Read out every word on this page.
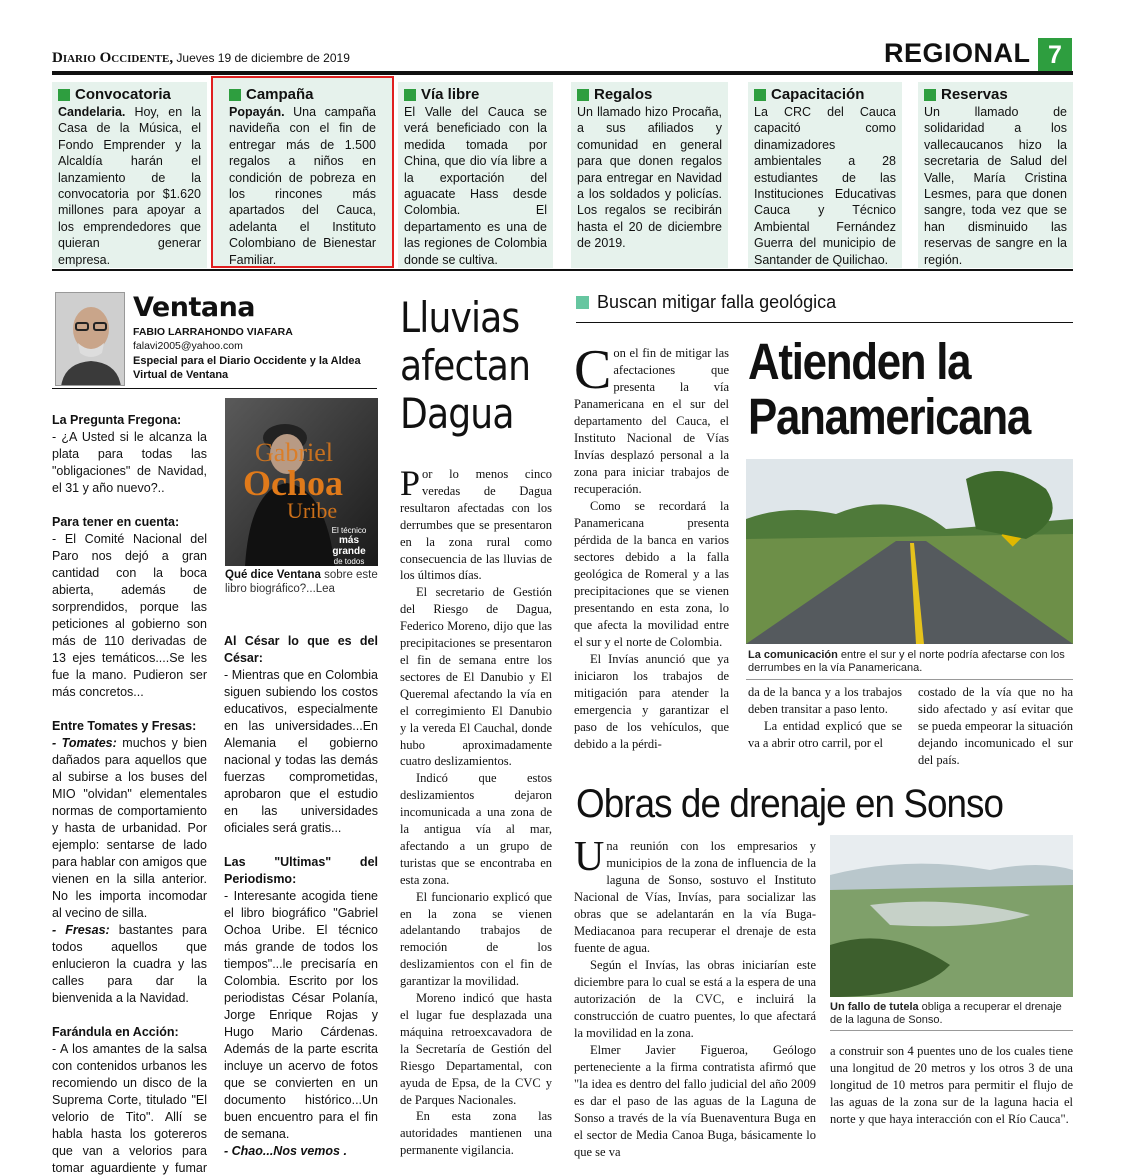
Diario Occidente, Jueves 19 de diciembre de 2019	REGIONAL 7
Convocatoria

Candelaria. Hoy, en la Casa de la Música, el Fondo Emprender y la Alcaldía harán el lanzamiento de la convocatoria por $1.620 millones para apoyar a los emprendedores que quieran generar empresa.

Campaña

Popayán. Una campaña navideña con el fin de entregar más de 1.500 regalos a niños en condición de pobreza en los rincones más apartados del Cauca, adelanta el Instituto Colombiano de Bienestar Familiar.

Vía libre

El Valle del Cauca se verá beneficiado con la medida tomada por China, que dio vía libre a la exportación del aguacate Hass desde Colombia. El departamento es una de las regiones de Colombia donde se cultiva.

Regalos

Un llamado hizo Procaña, a sus afiliados y comunidad en general para que donen regalos para entregar en Navidad a los soldados y policías. Los regalos se recibirán hasta el 20 de diciembre de 2019.

Capacitación

La CRC del Cauca capacitó como dinamizadores ambientales a 28 estudiantes de las Instituciones Educativas Cauca y Técnico Ambiental Fernández Guerra del municipio de Santander de Quilichao.

Reservas

Un llamado de solidaridad a los vallecaucanos hizo la secretaria de Salud del Valle, María Cristina Lesmes, para que donen sangre, toda vez que se han disminuido las reservas de sangre en la región.

Ventana
FABIO LARRAHONDO VIAFARA
falavi2005@yahoo.com
Especial para el Diario Occidente y la Aldea Virtual de Ventana

La Pregunta Fregona:

- ¿A Usted si le alcanza la plata para todas las "obligaciones" de Navidad, el 31 y año nuevo?..

Para tener en cuenta:

- El Comité Nacional del Paro nos dejó a gran cantidad con la boca abierta, además de sorprendidos, porque las peticiones al gobierno son más de 110 derivadas de 13 ejes temáticos....Se les fue la mano. Pudieron ser más concretos...

Entre Tomates y Fresas:

- Tomates: muchos y bien dañados para aquellos que al subirse a los buses del MIO "olvidan" elementales normas de comportamiento y hasta de urbanidad. Por ejemplo: sentarse de lado para hablar con amigos que vienen en la silla anterior. No les importa incomodar al vecino de silla.

- Fresas: bastantes para todos aquellos que enlucieron la cuadra y las calles para dar la bienvenida a la Navidad.

Farándula en Acción:

- A los amantes de la salsa con contenidos urbanos les recomiendo un disco de la Suprema Corte, titulado "El velorio de Tito". Allí se habla hasta los gotereros que van a velorios para tomar aguardiente y fumar

Gabriel
Ochoa
Uribe
El técnico
más grande
de todos
Qué dice Ventana sobre este libro biográfico?...Lea

Al César lo que es del César:

- Mientras que en Colombia siguen subiendo los costos educativos, especialmente en las universidades...En Alemania el gobierno nacional y todas las demás fuerzas comprometidas, aprobaron que el estudio en las universidades oficiales será gratis...

Las "Ultimas" del Periodismo:

- Interesante acogida tiene el libro biográfico "Gabriel Ochoa Uribe. El técnico más grande de todos los tiempos"...le precisaría en Colombia. Escrito por los periodistas César Polanía, Jorge Enrique Rojas y Hugo Mario Cárdenas. Además de la parte escrita incluye un acervo de fotos que se convierten en un documento histórico...Un buen encuentro para el fin de semana.

- Chao...Nos vemos .

Lluvias afectan Dagua

Por lo menos cinco veredas de Dagua resultaron afectadas con los derrumbes que se presentaron en la zona rural como consecuencia de las lluvias de los últimos días.

El secretario de Gestión del Riesgo de Dagua, Federico Moreno, dijo que las precipitaciones se presentaron el fin de semana entre los sectores de El Danubio y El Queremal afectando la vía en el corregimiento El Danubio y la vereda El Cauchal, donde hubo aproximadamente cuatro deslizamientos.

Indicó que estos deslizamientos dejaron incomunicada a una zona de la antigua vía al mar, afectando a un grupo de turistas que se encontraba en esta zona.

El funcionario explicó que en la zona se vienen adelantando trabajos de remoción de los deslizamientos con el fin de garantizar la movilidad.

Moreno indicó que hasta el lugar fue desplazada una máquina retroexcavadora de la Secretaría de Gestión del Riesgo Departamental, con ayuda de Epsa, de la CVC y de Parques Nacionales.

En esta zona las autoridades mantienen una permanente vigilancia.

Buscan mitigar falla geológica
Atienden la
Panamericana

Con el fin de mitigar las afectaciones que presenta la vía Panamericana en el sur del departamento del Cauca, el Instituto Nacional de Vías Invías desplazó personal a la zona para iniciar trabajos de recuperación.

Como se recordará la Panamericana presenta pérdida de la banca en varios sectores debido a la falla geológica de Romeral y a las precipitaciones que se vienen presentando en esta zona, lo que afecta la movilidad entre el sur y el norte de Colombia.

El Invías anunció que ya iniciaron los trabajos de mitigación para atender la emergencia y garantizar el paso de los vehículos, que debido a la pérdi-

La comunicación entre el sur y el norte podría afectarse con los derrumbes en la vía Panamericana.

da de la banca y a los trabajos deben transitar a paso lento.

La entidad explicó que se va a abrir otro carril, por el

costado de la vía que no ha sido afectado y así evitar que se pueda empeorar la situación dejando incomunicado el sur del país.

Obras de drenaje en Sonso

Una reunión con los empresarios y municipios de la zona de influencia de la laguna de Sonso, sostuvo el Instituto Nacional de Vías, Invías, para socializar las obras que se adelantarán en la vía Buga- Mediacanoa para recuperar el drenaje de esta fuente de agua.

Según el Invías, las obras iniciarían este diciembre para lo cual se está a la espera de una autorización de la CVC, e incluirá la construcción de cuatro puentes, lo que afectará la movilidad en la zona.

Elmer Javier Figueroa, Geólogo perteneciente a la firma contratista afirmó que "la idea es dentro del fallo judicial del año 2009 es dar el paso de las aguas de la Laguna de Sonso a través de la vía Buenaventura Buga en el sector de Media Canoa Buga, básicamente lo que se va

Un fallo de tutela obliga a recuperar el drenaje de la laguna de Sonso.

a construir son 4 puentes uno de los cuales tiene una longitud de 20 metros y los otros 3 de una longitud de 10 metros para permitir el flujo de las aguas de la zona sur de la laguna hacia el norte y que haya interacción con el Río Cauca".
